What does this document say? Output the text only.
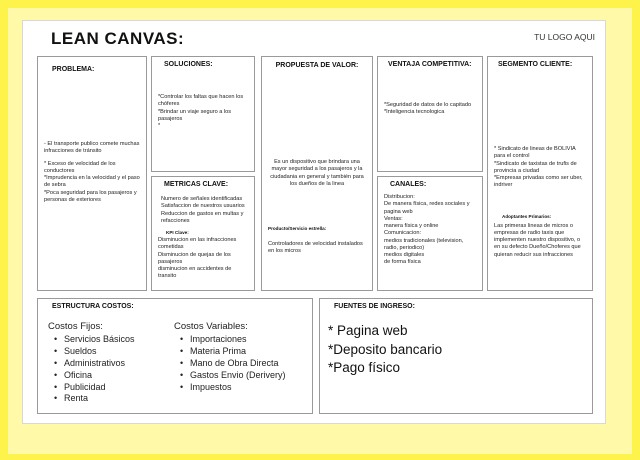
LEAN CANVAS:	TU LOGO AQUI
PROBLEMA:
- El transporte publico comete muchas infracciones de tránsito
* Exceso de velocidad de los conductores
*Imprudencia en la velocidad y el paso de sebra
*Poca seguridad para los pasajeros y personas de exteriores
SOLUCIONES:
*Controlar los faltas que hacen los chóferes
*Brindar un viaje seguro a los pasajeros
*
METRICAS CLAVE:
Numero de señales identificadas
Satisfaccion de nuestros usuarios
Reduccion de gastos en multas y refacciones
KPI Clave:
Disminucion en las infracciones cometidas
Disminucion de quejas de los pasajeros
disminucion en accidentes de transito
PROPUESTA DE VALOR:
Es un dispositivo que brindara una mayor seguridad a los pasajeros y la ciudadania en general y también para los dueños de la linea
Producto/Servicio estrella:
Controladores de velocidad instalados en los micros
VENTAJA COMPETITIVA:
*Seguridad de datos de lo capitado
*Inteligencia tecnologica
CANALES:
Distribucion:
De manera física, redes sociales y pagina web
Ventas:
manera física y online
Comunicacion:
medios tradicionales (television, radio, periodico)
medios digitales
de forma física
SEGMENTO CLIENTE:
* Sindicato de lineas de BOLIVIA para el control
*Sindicato de taxistas de trufis de provincia a ciudad
*Empresas privadas como ser uber, indriver
Adoptantes Primarios:
Las primeras lineas de micros o empresas de radio taxis que implementen nuestro dispositivo, o en su defecto Dueño/Choferes que quieran reducir sus infracciones
ESTRUCTURA COSTOS:
Costos Fijos:
• Servicios Básicos
• Sueldos
• Administrativos
• Oficina
• Publicidad
• Renta
Costos Variables:
• Importaciones
• Materia Prima
• Mano de Obra Directa
• Gastos Envio (Derivery)
• Impuestos
FUENTES DE INGRESO:
* Pagina web
*Deposito bancario
*Pago físico
